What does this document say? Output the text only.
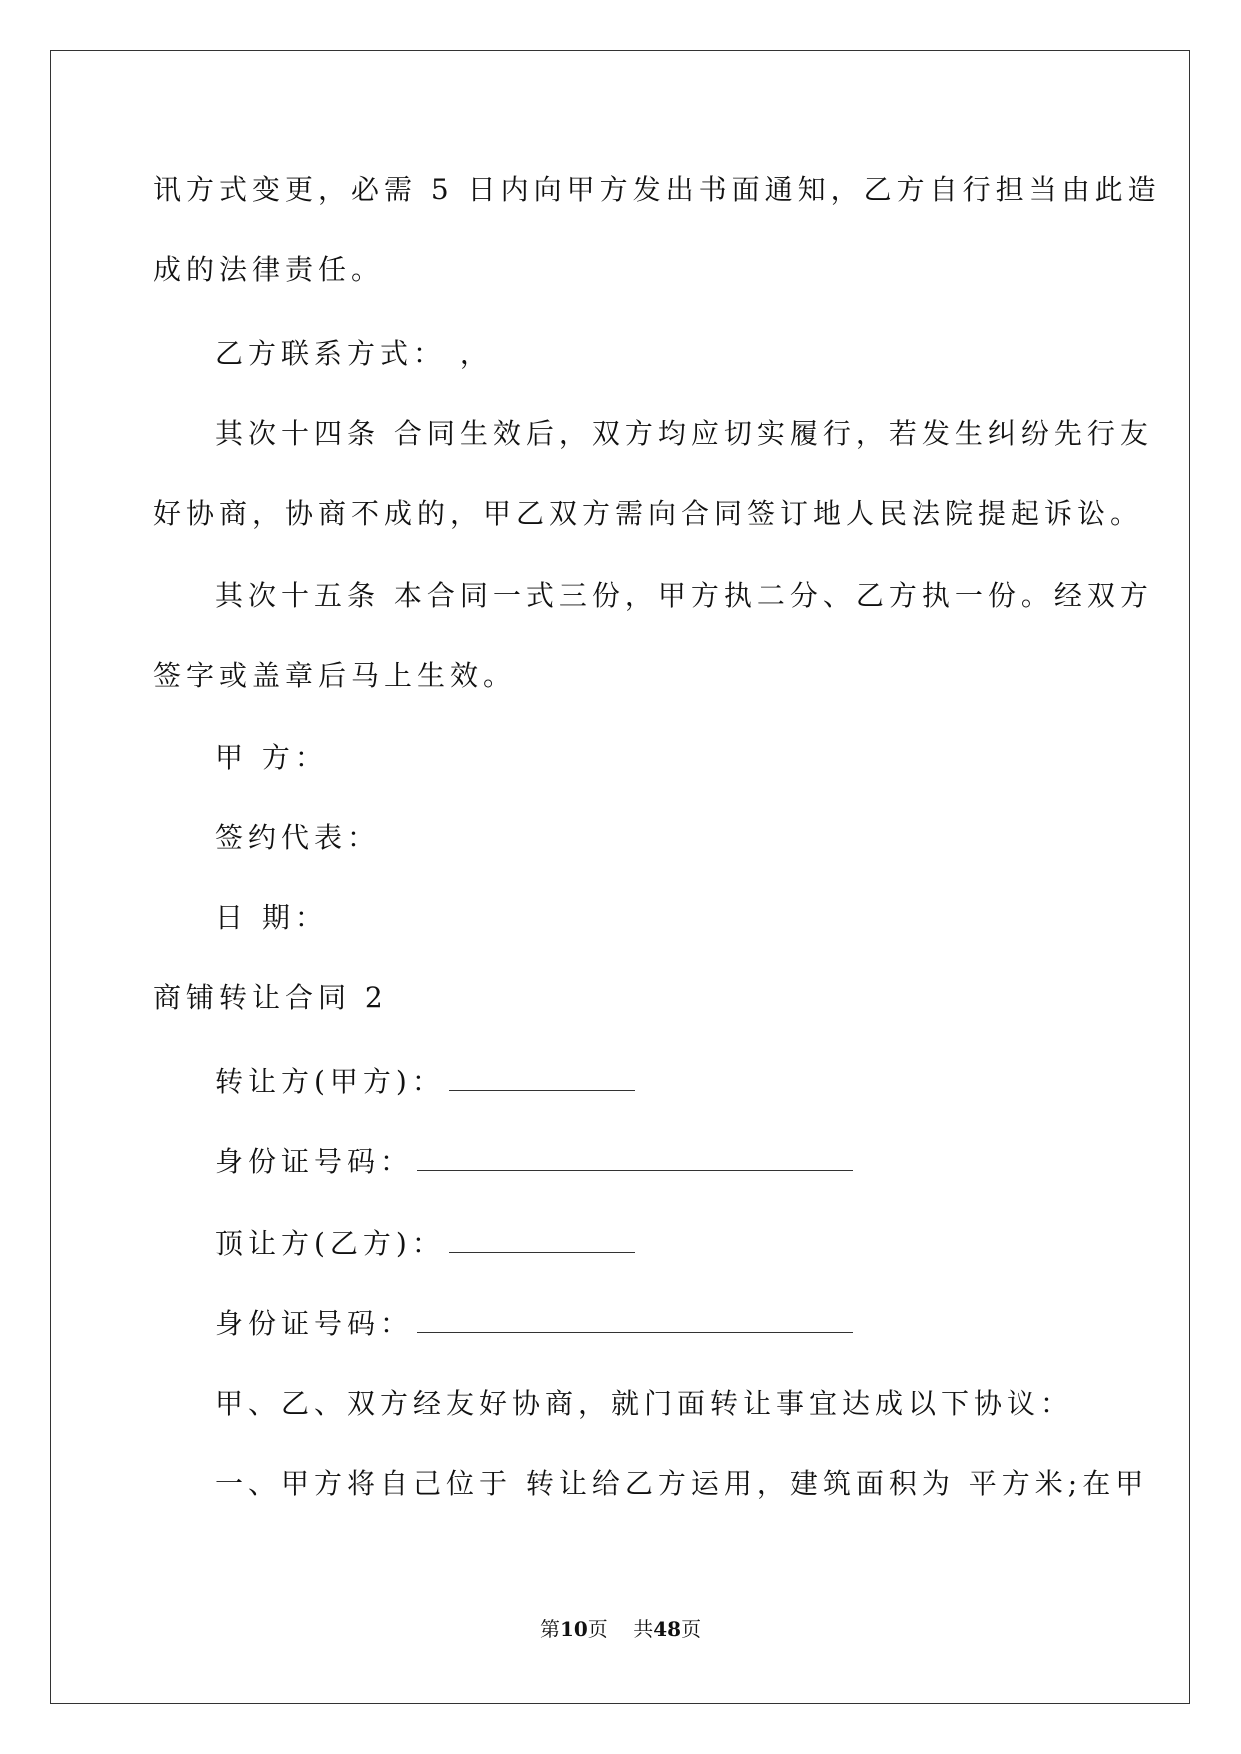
讯方式变更，必需 5 日内向甲方发出书面通知，乙方自行担当由此造
成的法律责任。
乙方联系方式： ，
其次十四条 合同生效后，双方均应切实履行，若发生纠纷先行友
好协商，协商不成的，甲乙双方需向合同签订地人民法院提起诉讼。
其次十五条 本合同一式三份，甲方执二分、乙方执一份。经双方
签字或盖章后马上生效。
甲 方：
签约代表：
日 期：
商铺转让合同 2
转让方(甲方)：
身份证号码：
顶让方(乙方)：
身份证号码：
甲、乙、双方经友好协商，就门面转让事宜达成以下协议：
一、甲方将自己位于 转让给乙方运用，建筑面积为 平方米;在甲
第10页    共48页
